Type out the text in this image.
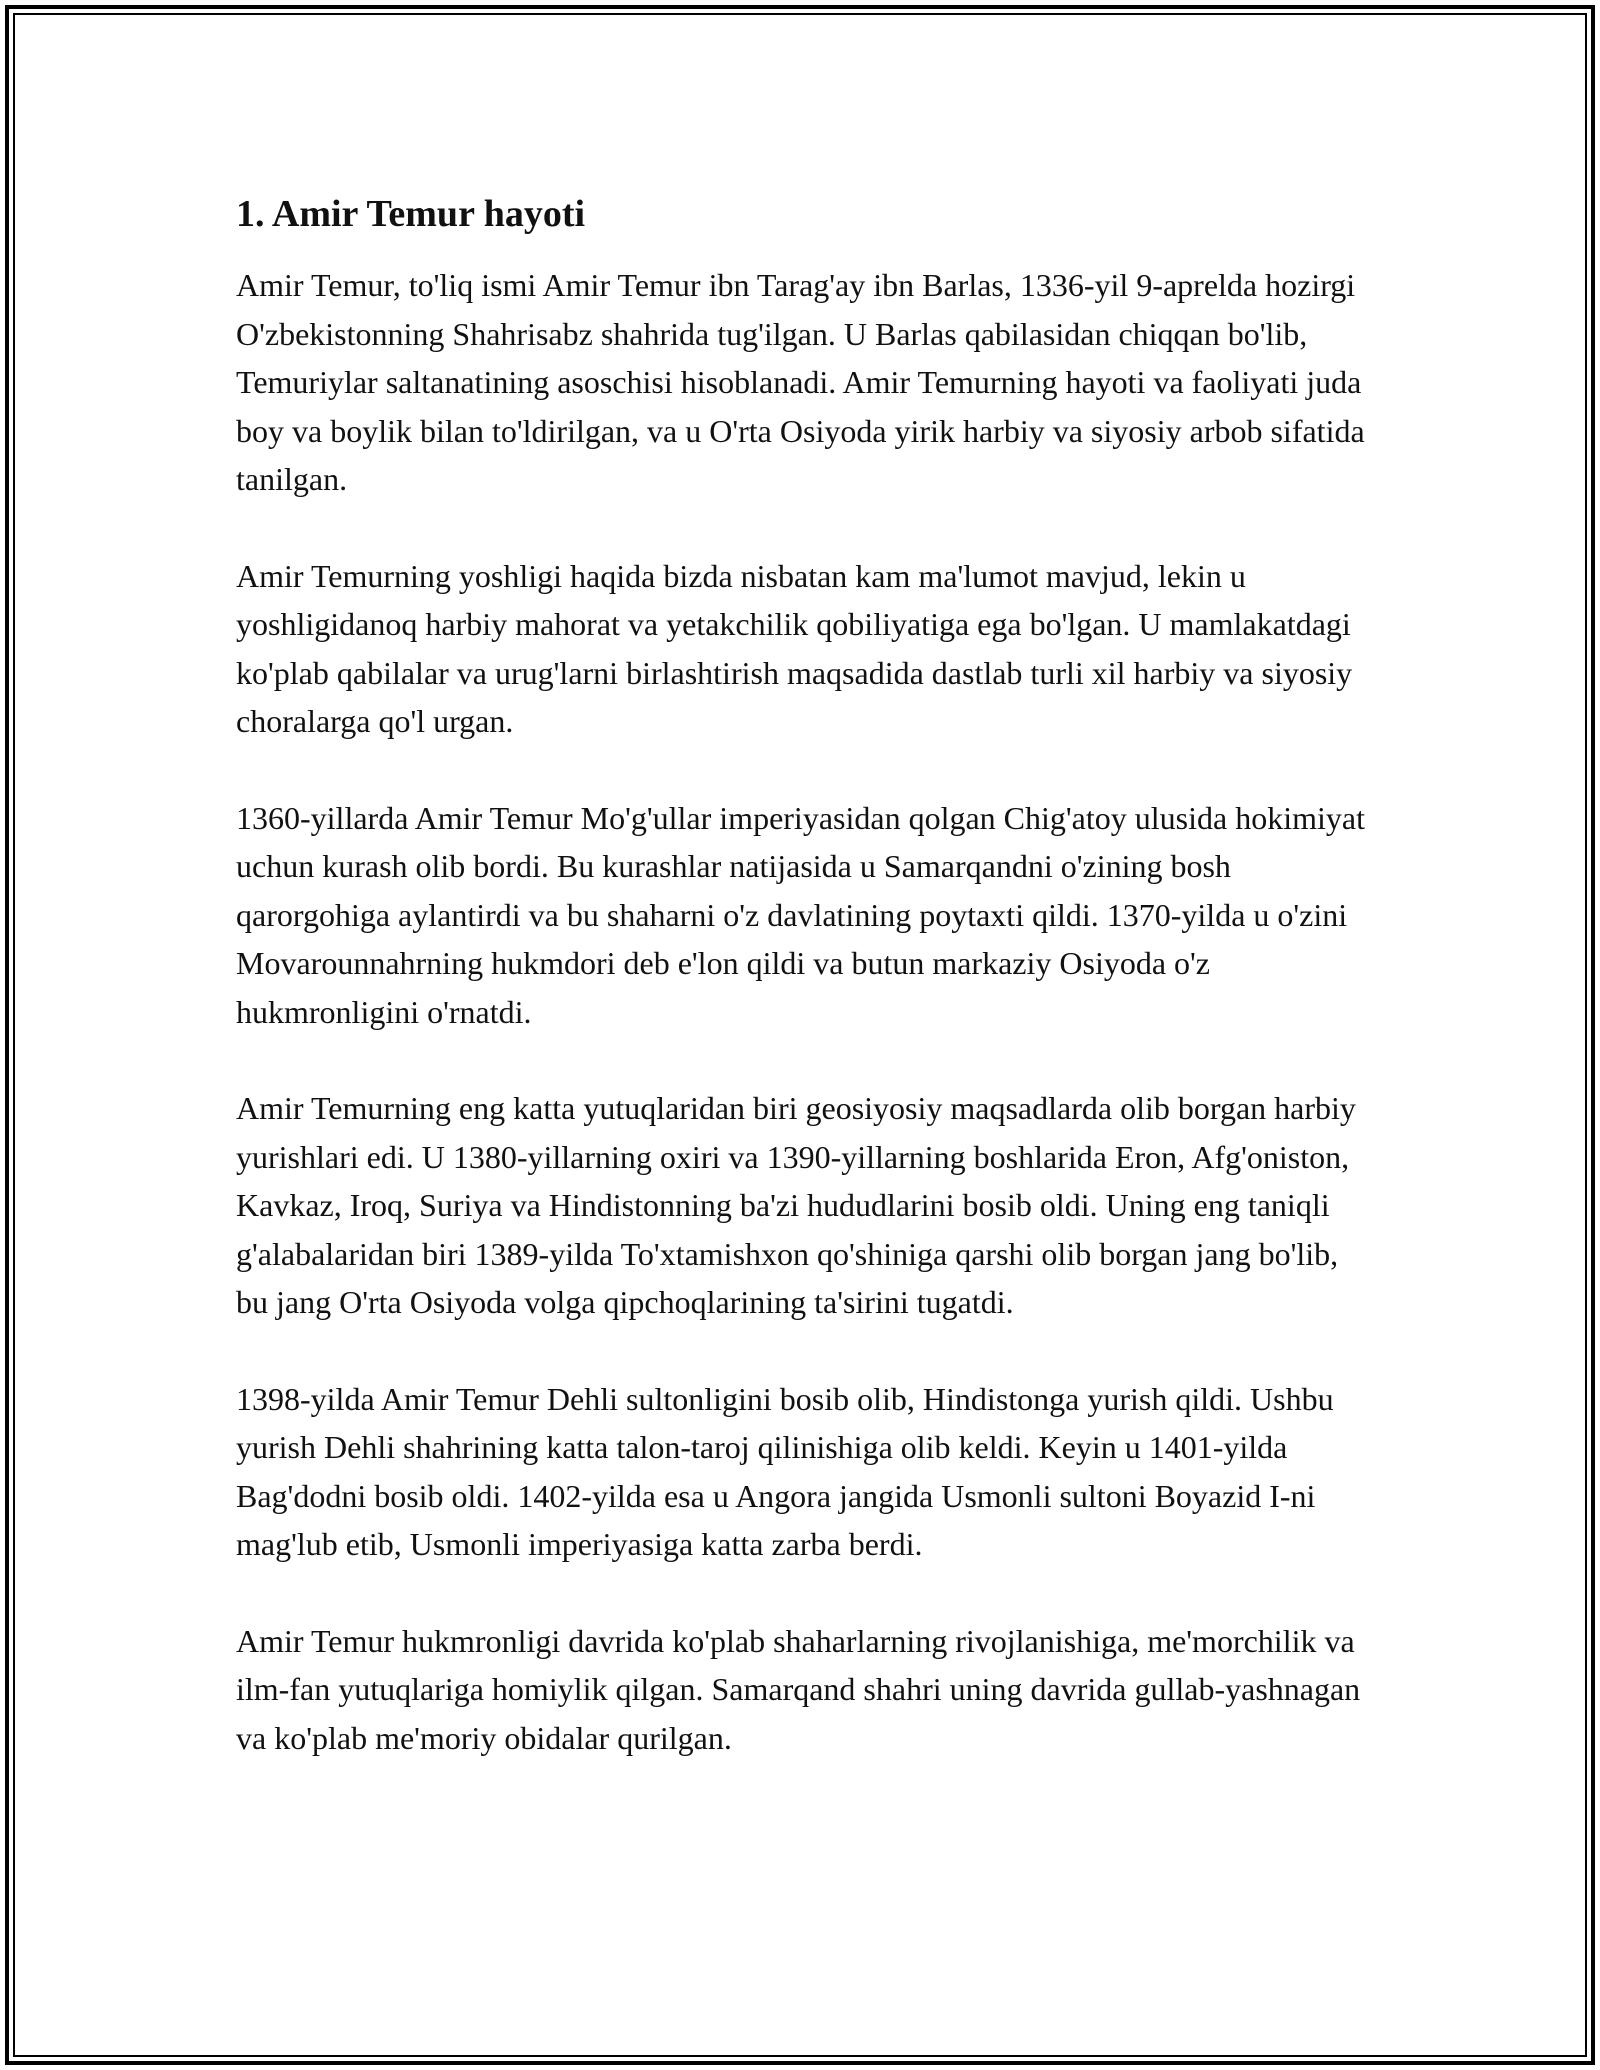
1. Amir Temur hayoti

Amir Temur, to'liq ismi Amir Temur ibn Tarag'ay ibn Barlas, 1336-yil 9-aprelda hozirgi O'zbekistonning Shahrisabz shahrida tug'ilgan. U Barlas qabilasidan chiqqan bo'lib, Temuriylar saltanatining asoschisi hisoblanadi. Amir Temurning hayoti va faoliyati juda boy va boylik bilan to'ldirilgan, va u O'rta Osiyoda yirik harbiy va siyosiy arbob sifatida tanilgan.

Amir Temurning yoshligi haqida bizda nisbatan kam ma'lumot mavjud, lekin u yoshligidanoq harbiy mahorat va yetakchilik qobiliyatiga ega bo'lgan. U mamlakatdagi ko'plab qabilalar va urug'larni birlashtirish maqsadida dastlab turli xil harbiy va siyosiy choralarga qo'l urgan.

1360-yillarda Amir Temur Mo'g'ullar imperiyasidan qolgan Chig'atoy ulusida hokimiyat uchun kurash olib bordi. Bu kurashlar natijasida u Samarqandni o'zining bosh qarorgohiga aylantirdi va bu shaharni o'z davlatining poytaxti qildi. 1370-yilda u o'zini Movarounnahrning hukmdori deb e'lon qildi va butun markaziy Osiyoda o'z hukmronligini o'rnatdi.

Amir Temurning eng katta yutuqlaridan biri geosiyosiy maqsadlarda olib borgan harbiy yurishlari edi. U 1380-yillarning oxiri va 1390-yillarning boshlarida Eron, Afg'oniston, Kavkaz, Iroq, Suriya va Hindistonning ba'zi hududlarini bosib oldi. Uning eng taniqli g'alabalaridan biri 1389-yilda To'xtamishxon qo'shiniga qarshi olib borgan jang bo'lib, bu jang O'rta Osiyoda volga qipchoqlarining ta'sirini tugatdi.

1398-yilda Amir Temur Dehli sultonligini bosib olib, Hindistonga yurish qildi. Ushbu yurish Dehli shahrining katta talon-taroj qilinishiga olib keldi. Keyin u 1401-yilda Bag'dodni bosib oldi. 1402-yilda esa u Angora jangida Usmonli sultoni Boyazid I-ni mag'lub etib, Usmonli imperiyasiga katta zarba berdi.

Amir Temur hukmronligi davrida ko'plab shaharlarning rivojlanishiga, me'morchilik va ilm-fan yutuqlariga homiylik qilgan. Samarqand shahri uning davrida gullab-yashnagan va ko'plab me'moriy obidalar qurilgan.
